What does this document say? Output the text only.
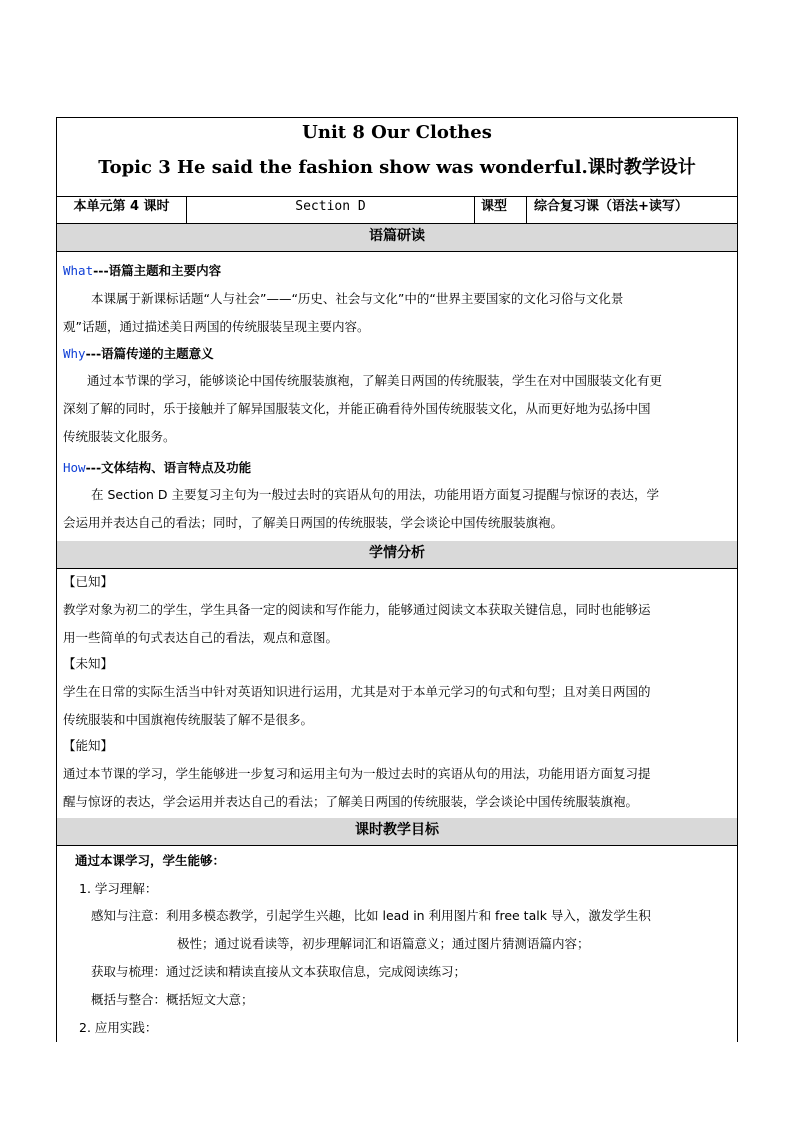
Unit 8 Our Clothes
Topic 3 He said the fashion show was wonderful.课时教学设计
本单元第 4 课时	Section D	课型	综合复习课（语法+读写）
语篇研读
What---语篇主题和主要内容
本课属于新课标话题“人与社会”——“历史、社会与文化”中的“世界主要国家的文化习俗与文化景
观”话题，通过描述美日两国的传统服装呈现主要内容。
Why---语篇传递的主题意义
通过本节课的学习，能够谈论中国传统服装旗袍，了解美日两国的传统服装，学生在对中国服装文化有更
深刻了解的同时，乐于接触并了解异国服装文化，并能正确看待外国传统服装文化，从而更好地为弘扬中国
传统服装文化服务。
How---文体结构、语言特点及功能
在 Section D 主要复习主句为一般过去时的宾语从句的用法，功能用语方面复习提醒与惊讶的表达，学
会运用并表达自己的看法；同时，了解美日两国的传统服装，学会谈论中国传统服装旗袍。
学情分析
【已知】
教学对象为初二的学生，学生具备一定的阅读和写作能力，能够通过阅读文本获取关键信息，同时也能够运
用一些简单的句式表达自己的看法，观点和意图。
【未知】
学生在日常的实际生活当中针对英语知识进行运用，尤其是对于本单元学习的句式和句型；且对美日两国的
传统服装和中国旗袍传统服装了解不是很多。
【能知】
通过本节课的学习，学生能够进一步复习和运用主句为一般过去时的宾语从句的用法，功能用语方面复习提
醒与惊讶的表达，学会运用并表达自己的看法；了解美日两国的传统服装，学会谈论中国传统服装旗袍。
课时教学目标
通过本课学习，学生能够：
1. 学习理解：
感知与注意：利用多模态教学，引起学生兴趣，比如 lead in 利用图片和 free talk 导入，激发学生积
极性；通过说看读等，初步理解词汇和语篇意义；通过图片猜测语篇内容；
获取与梳理：通过泛读和精读直接从文本获取信息，完成阅读练习；
概括与整合：概括短文大意；
2. 应用实践：
